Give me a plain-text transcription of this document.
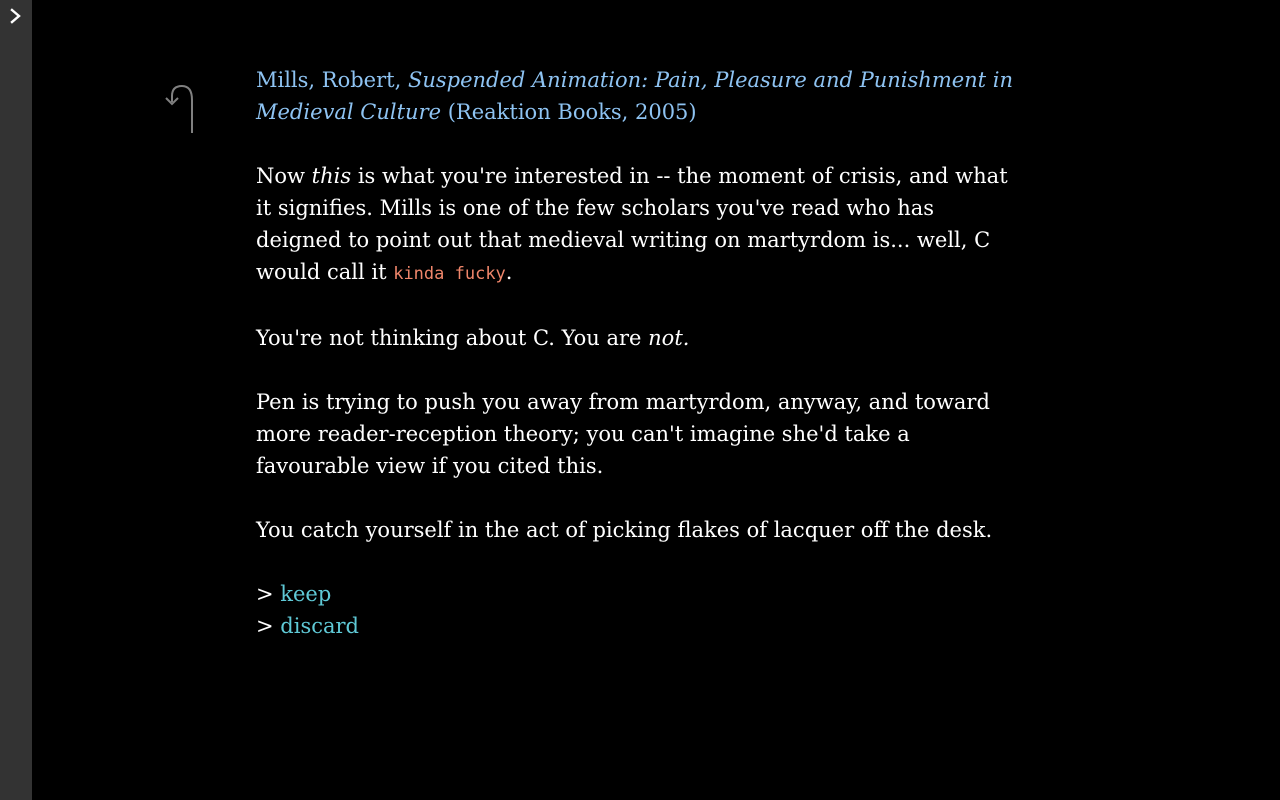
Mills, Robert, Suspended Animation: Pain, Pleasure and Punishment in Medieval Culture (Reaktion Books, 2005)

Now this is what you're interested in -- the moment of crisis, and what it signifies. Mills is one of the few scholars you've read who has deigned to point out that medieval writing on martyrdom is... well, C would call it kinda fucky.

You're not thinking about C. You are not.

Pen is trying to push you away from martyrdom, anyway, and toward more reader-reception theory; you can't imagine she'd take a favourable view if you cited this.

You catch yourself in the act of picking flakes of lacquer off the desk.

> keep
> discard
